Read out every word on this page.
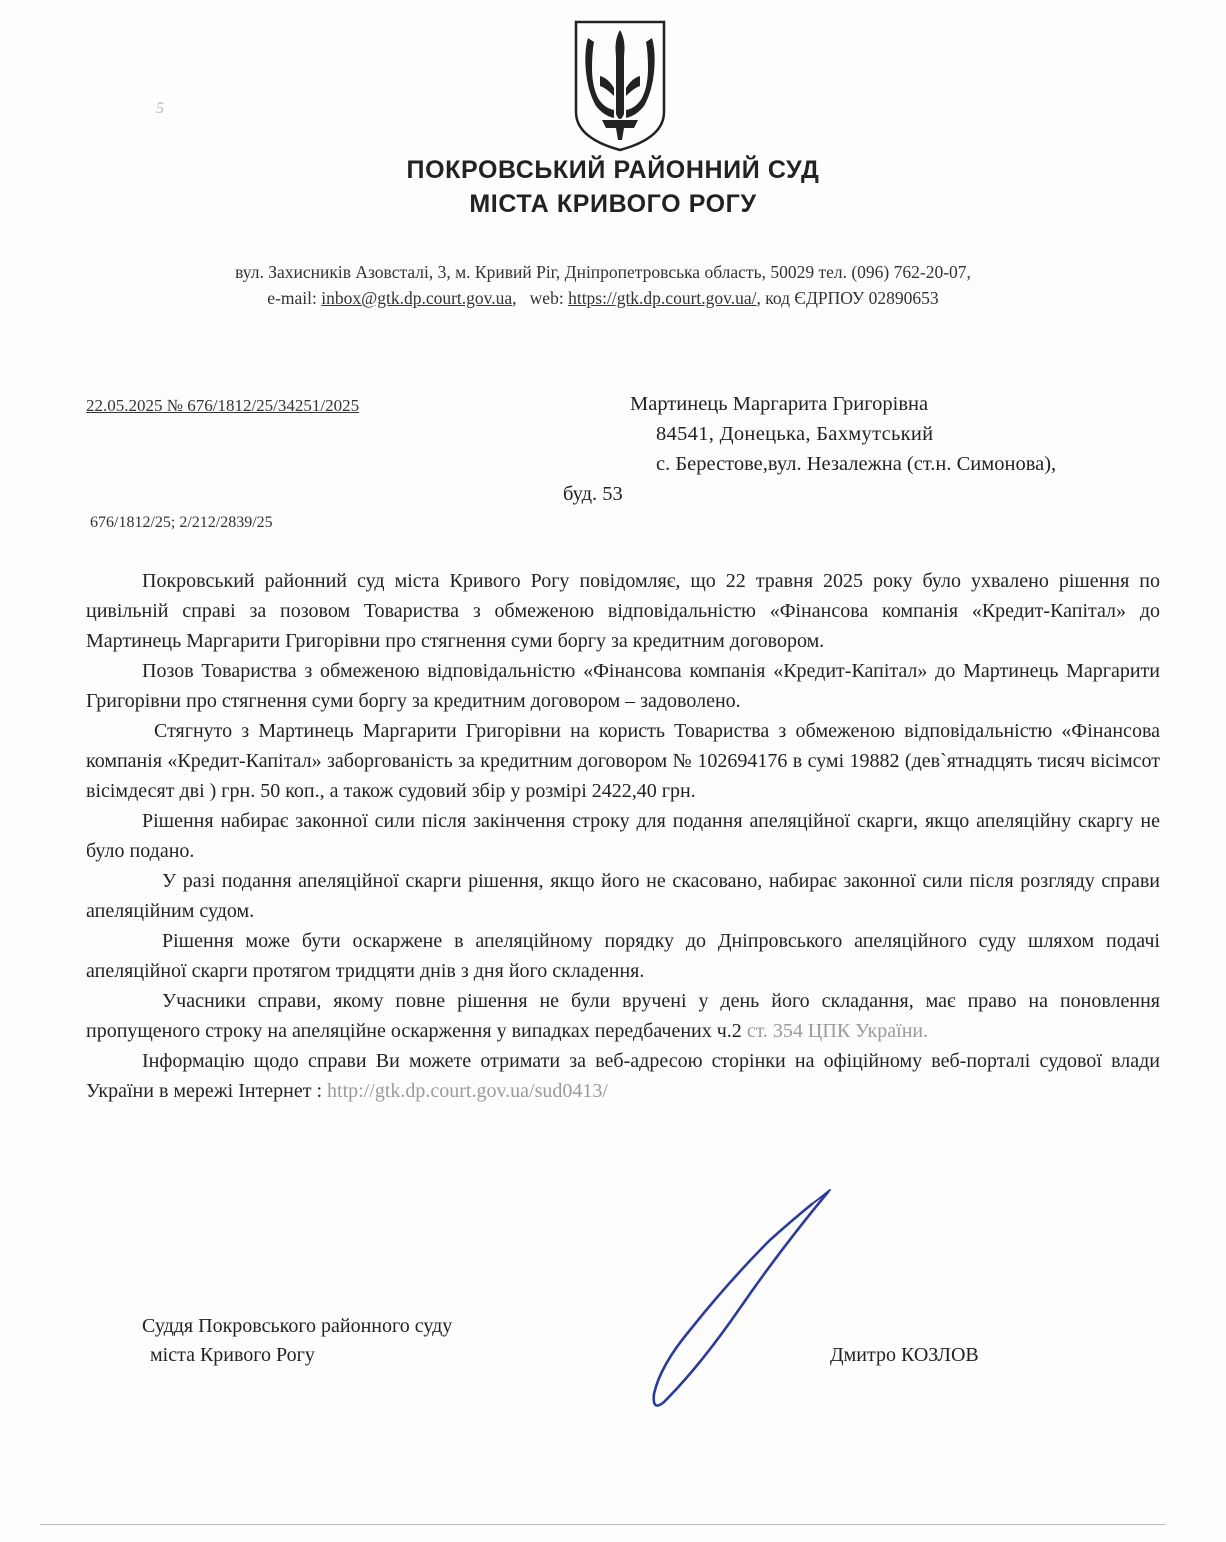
5
ПОКРОВСЬКИЙ РАЙОННИЙ СУД
МІСТА КРИВОГО РОГУ
вул. Захисників Азовсталі, 3, м. Кривий Ріг, Дніпропетровська область, 50029 тел. (096) 762-20-07,
e-mail: inbox@gtk.dp.court.gov.ua,   web: https://gtk.dp.court.gov.ua/, код ЄДРПОУ 02890653
22.05.2025 № 676/1812/25/34251/2025	Мартинець Маргарита Григорівна
84541, Донецька, Бахмутський
с. Берестове,вул. Незалежна (ст.н. Симонова),
буд. 53
676/1812/25; 2/212/2839/25

Покровський районний суд міста Кривого Рогу повідомляє, що 22 травня 2025 року було ухвалено рішення по цивільній справі за позовом Товариства з обмеженою відповідальністю «Фінансова компанія «Кредит-Капітал» до Мартинець Маргарити Григорівни про стягнення суми боргу за кредитним договором.

Позов Товариства з обмеженою відповідальністю «Фінансова компанія «Кредит-Капітал» до Мартинець Маргарити Григорівни про стягнення суми боргу за кредитним договором – задоволено.

Стягнуто з Мартинець Маргарити Григорівни на користь Товариства з обмеженою відповідальністю «Фінансова компанія «Кредит-Капітал» заборгованість за кредитним договором № 102694176 в сумі 19882 (дев`ятнадцять тисяч вісімсот вісімдесят дві ) грн. 50 коп., а також судовий збір у розмірі 2422,40 грн.

Рішення набирає законної сили після закінчення строку для подання апеляційної скарги, якщо апеляційну скаргу не було подано.

У разі подання апеляційної скарги рішення, якщо його не скасовано, набирає законної сили після розгляду справи апеляційним судом.

Рішення може бути оскаржене в апеляційному порядку до Дніпровського апеляційного суду шляхом подачі апеляційної скарги протягом тридцяти днів з дня його складення.

Учасники справи, якому повне рішення не були вручені у день його складання, має право на поновлення пропущеного строку на апеляційне оскарження у випадках передбачених ч.2 ст. 354 ЦПК України.

Інформацію щодо справи Ви можете отримати за веб-адресою сторінки на офіційному веб-порталі судової влади України в мережі Інтернет : http://gtk.dp.court.gov.ua/sud0413/

Суддя Покровського районного суду
міста Кривого Рогу	Дмитро КОЗЛОВ
